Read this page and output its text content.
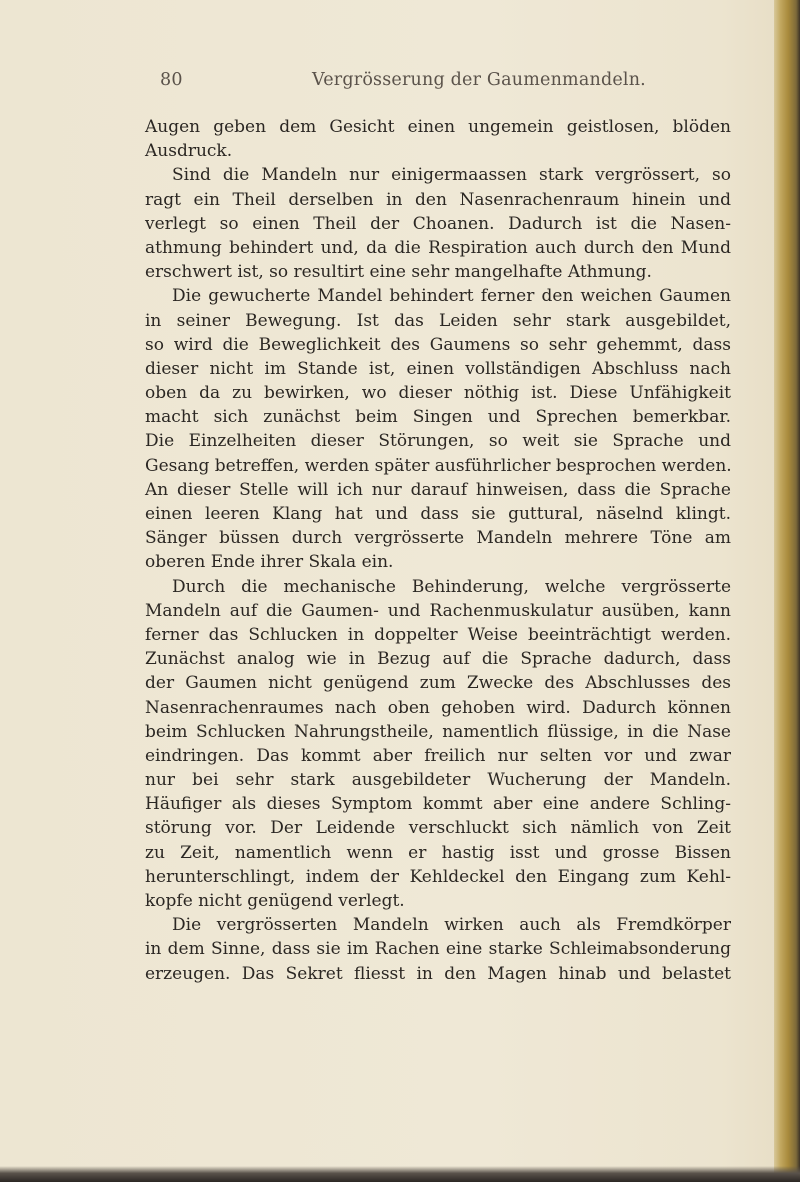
80	Vergrösserung der Gaumenmandeln.
Augen geben dem Gesicht einen ungemein geistlosen, blöden
Ausdruck.
Sind die Mandeln nur einigermaassen stark vergrössert, so
ragt ein Theil derselben in den Nasenrachenraum hinein und
verlegt so einen Theil der Choanen. Dadurch ist die Nasen-
athmung behindert und, da die Respiration auch durch den Mund
erschwert ist, so resultirt eine sehr mangelhafte Athmung.
Die gewucherte Mandel behindert ferner den weichen Gaumen
in seiner Bewegung. Ist das Leiden sehr stark ausgebildet,
so wird die Beweglichkeit des Gaumens so sehr gehemmt, dass
dieser nicht im Stande ist, einen vollständigen Abschluss nach
oben da zu bewirken, wo dieser nöthig ist. Diese Unfähigkeit
macht sich zunächst beim Singen und Sprechen bemerkbar.
Die Einzelheiten dieser Störungen, so weit sie Sprache und
Gesang betreffen, werden später ausführlicher besprochen werden.
An dieser Stelle will ich nur darauf hinweisen, dass die Sprache
einen leeren Klang hat und dass sie guttural, näselnd klingt.
Sänger büssen durch vergrösserte Mandeln mehrere Töne am
oberen Ende ihrer Skala ein.
Durch die mechanische Behinderung, welche vergrösserte
Mandeln auf die Gaumen- und Rachenmuskulatur ausüben, kann
ferner das Schlucken in doppelter Weise beeinträchtigt werden.
Zunächst analog wie in Bezug auf die Sprache dadurch, dass
der Gaumen nicht genügend zum Zwecke des Abschlusses des
Nasenrachenraumes nach oben gehoben wird. Dadurch können
beim Schlucken Nahrungstheile, namentlich flüssige, in die Nase
eindringen. Das kommt aber freilich nur selten vor und zwar
nur bei sehr stark ausgebildeter Wucherung der Mandeln.
Häufiger als dieses Symptom kommt aber eine andere Schling-
störung vor. Der Leidende verschluckt sich nämlich von Zeit
zu Zeit, namentlich wenn er hastig isst und grosse Bissen
herunterschlingt, indem der Kehldeckel den Eingang zum Kehl-
kopfe nicht genügend verlegt.
Die vergrösserten Mandeln wirken auch als Fremdkörper
in dem Sinne, dass sie im Rachen eine starke Schleimabsonderung
erzeugen. Das Sekret fliesst in den Magen hinab und belastet
